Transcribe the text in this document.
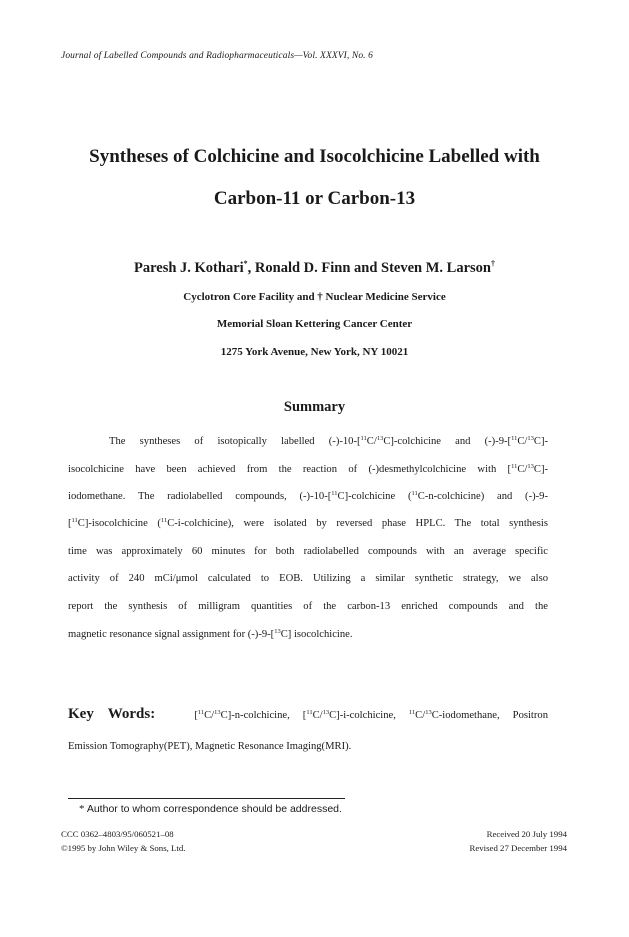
Journal of Labelled Compounds and Radiopharmaceuticals—Vol. XXXVI, No. 6
Syntheses of Colchicine and Isocolchicine Labelled with
Carbon-11 or Carbon-13
Paresh J. Kothari*, Ronald D. Finn and Steven M. Larson†
Cyclotron Core Facility and † Nuclear Medicine Service
Memorial Sloan Kettering Cancer Center
1275 York Avenue, New York, NY 10021
Summary
The syntheses of isotopically labelled (-)-10-[$^{11}$C/$^{13}$C]-colchicine and (-)-9-[$^{11}$C/$^{13}$C]-
isocolchicine have been achieved from the reaction of (-)desmethylcolchicine with [$^{11}$C/$^{13}$C]-
iodomethane. The radiolabelled compounds, (-)-10-[$^{11}$C]-colchicine ($^{11}$C-n-colchicine) and (-)-9-
[$^{11}$C]-isocolchicine ($^{11}$C-i-colchicine), were isolated by reversed phase HPLC. The total synthesis
time was approximately 60 minutes for both radiolabelled compounds with an average specific
activity of 240 mCi/μmol calculated to EOB. Utilizing a similar synthetic strategy, we also
report the synthesis of milligram quantities of the carbon-13 enriched compounds and the
magnetic resonance signal assignment for (-)-9-[$^{13}$C] isocolchicine.
Key Words:	[$^{11}$C/$^{13}$C]-n-colchicine, [$^{11}$C/$^{13}$C]-i-colchicine, $^{11}$C/$^{13}$C-iodomethane, Positron
Emission Tomography(PET), Magnetic Resonance Imaging(MRI).
* Author to whom correspondence should be addressed.
CCC 0362–4803/95/060521–08
©1995 by John Wiley & Sons, Ltd.
Received 20 July 1994
Revised 27 December 1994
